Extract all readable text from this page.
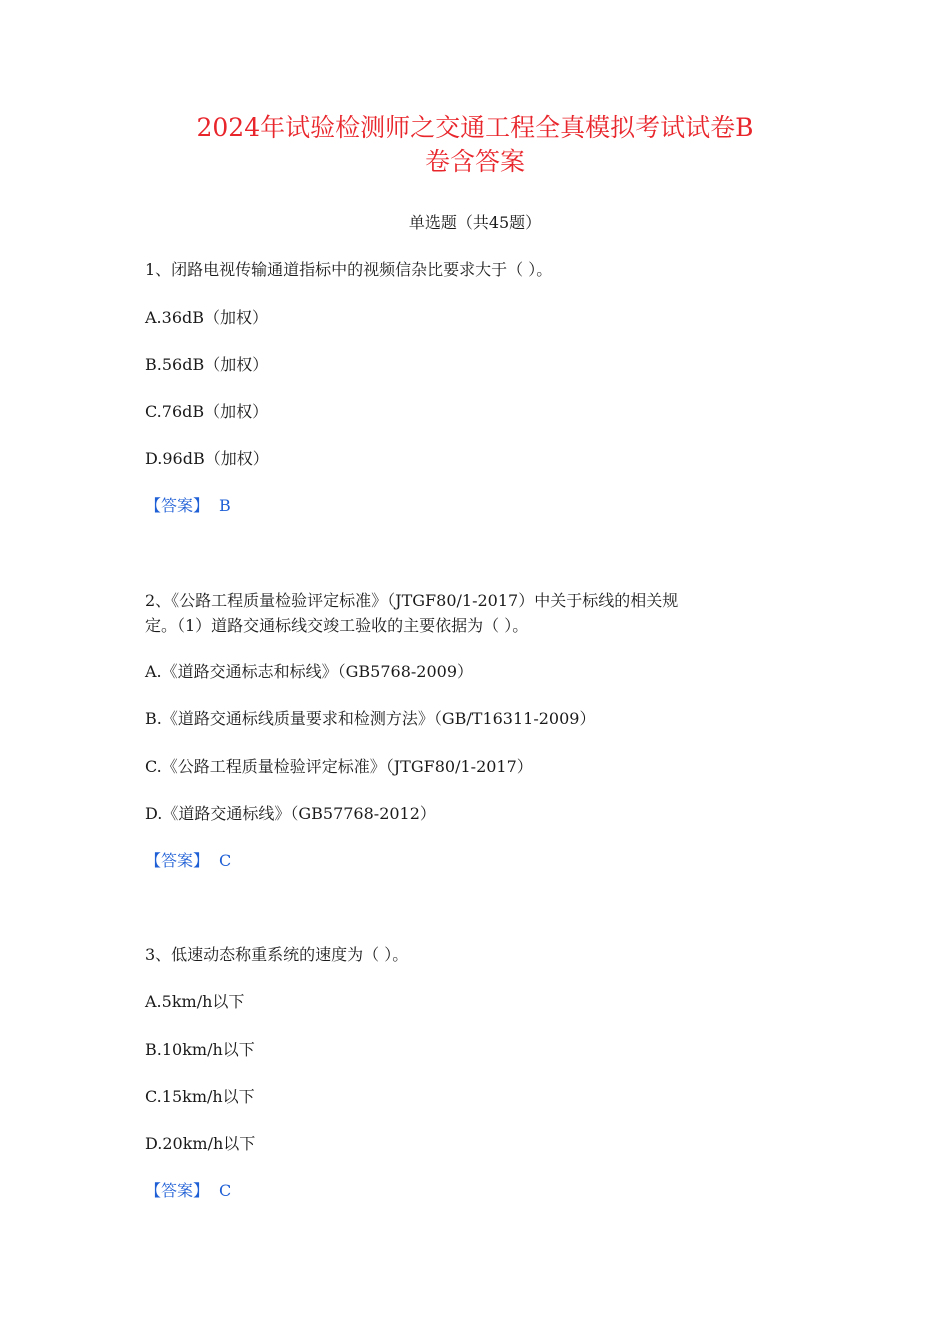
2024年试验检测师之交通工程全真模拟考试试卷B
卷含答案
单选题（共45题）
1、闭路电视传输通道指标中的视频信杂比要求大于（ ）。
A.36dB（加权）
B.56dB（加权）
C.76dB（加权）
D.96dB（加权）
【答案】 B
2、《公路工程质量检验评定标准》（JTGF80/1-2017）中关于标线的相关规
定。（1）道路交通标线交竣工验收的主要依据为（ ）。
A.《道路交通标志和标线》（GB5768-2009）
B.《道路交通标线质量要求和检测方法》（GB/T16311-2009）
C.《公路工程质量检验评定标准》（JTGF80/1-2017）
D.《道路交通标线》（GB57768-2012）
【答案】 C
3、低速动态称重系统的速度为（ ）。
A.5km/h以下
B.10km/h以下
C.15km/h以下
D.20km/h以下
【答案】 C
